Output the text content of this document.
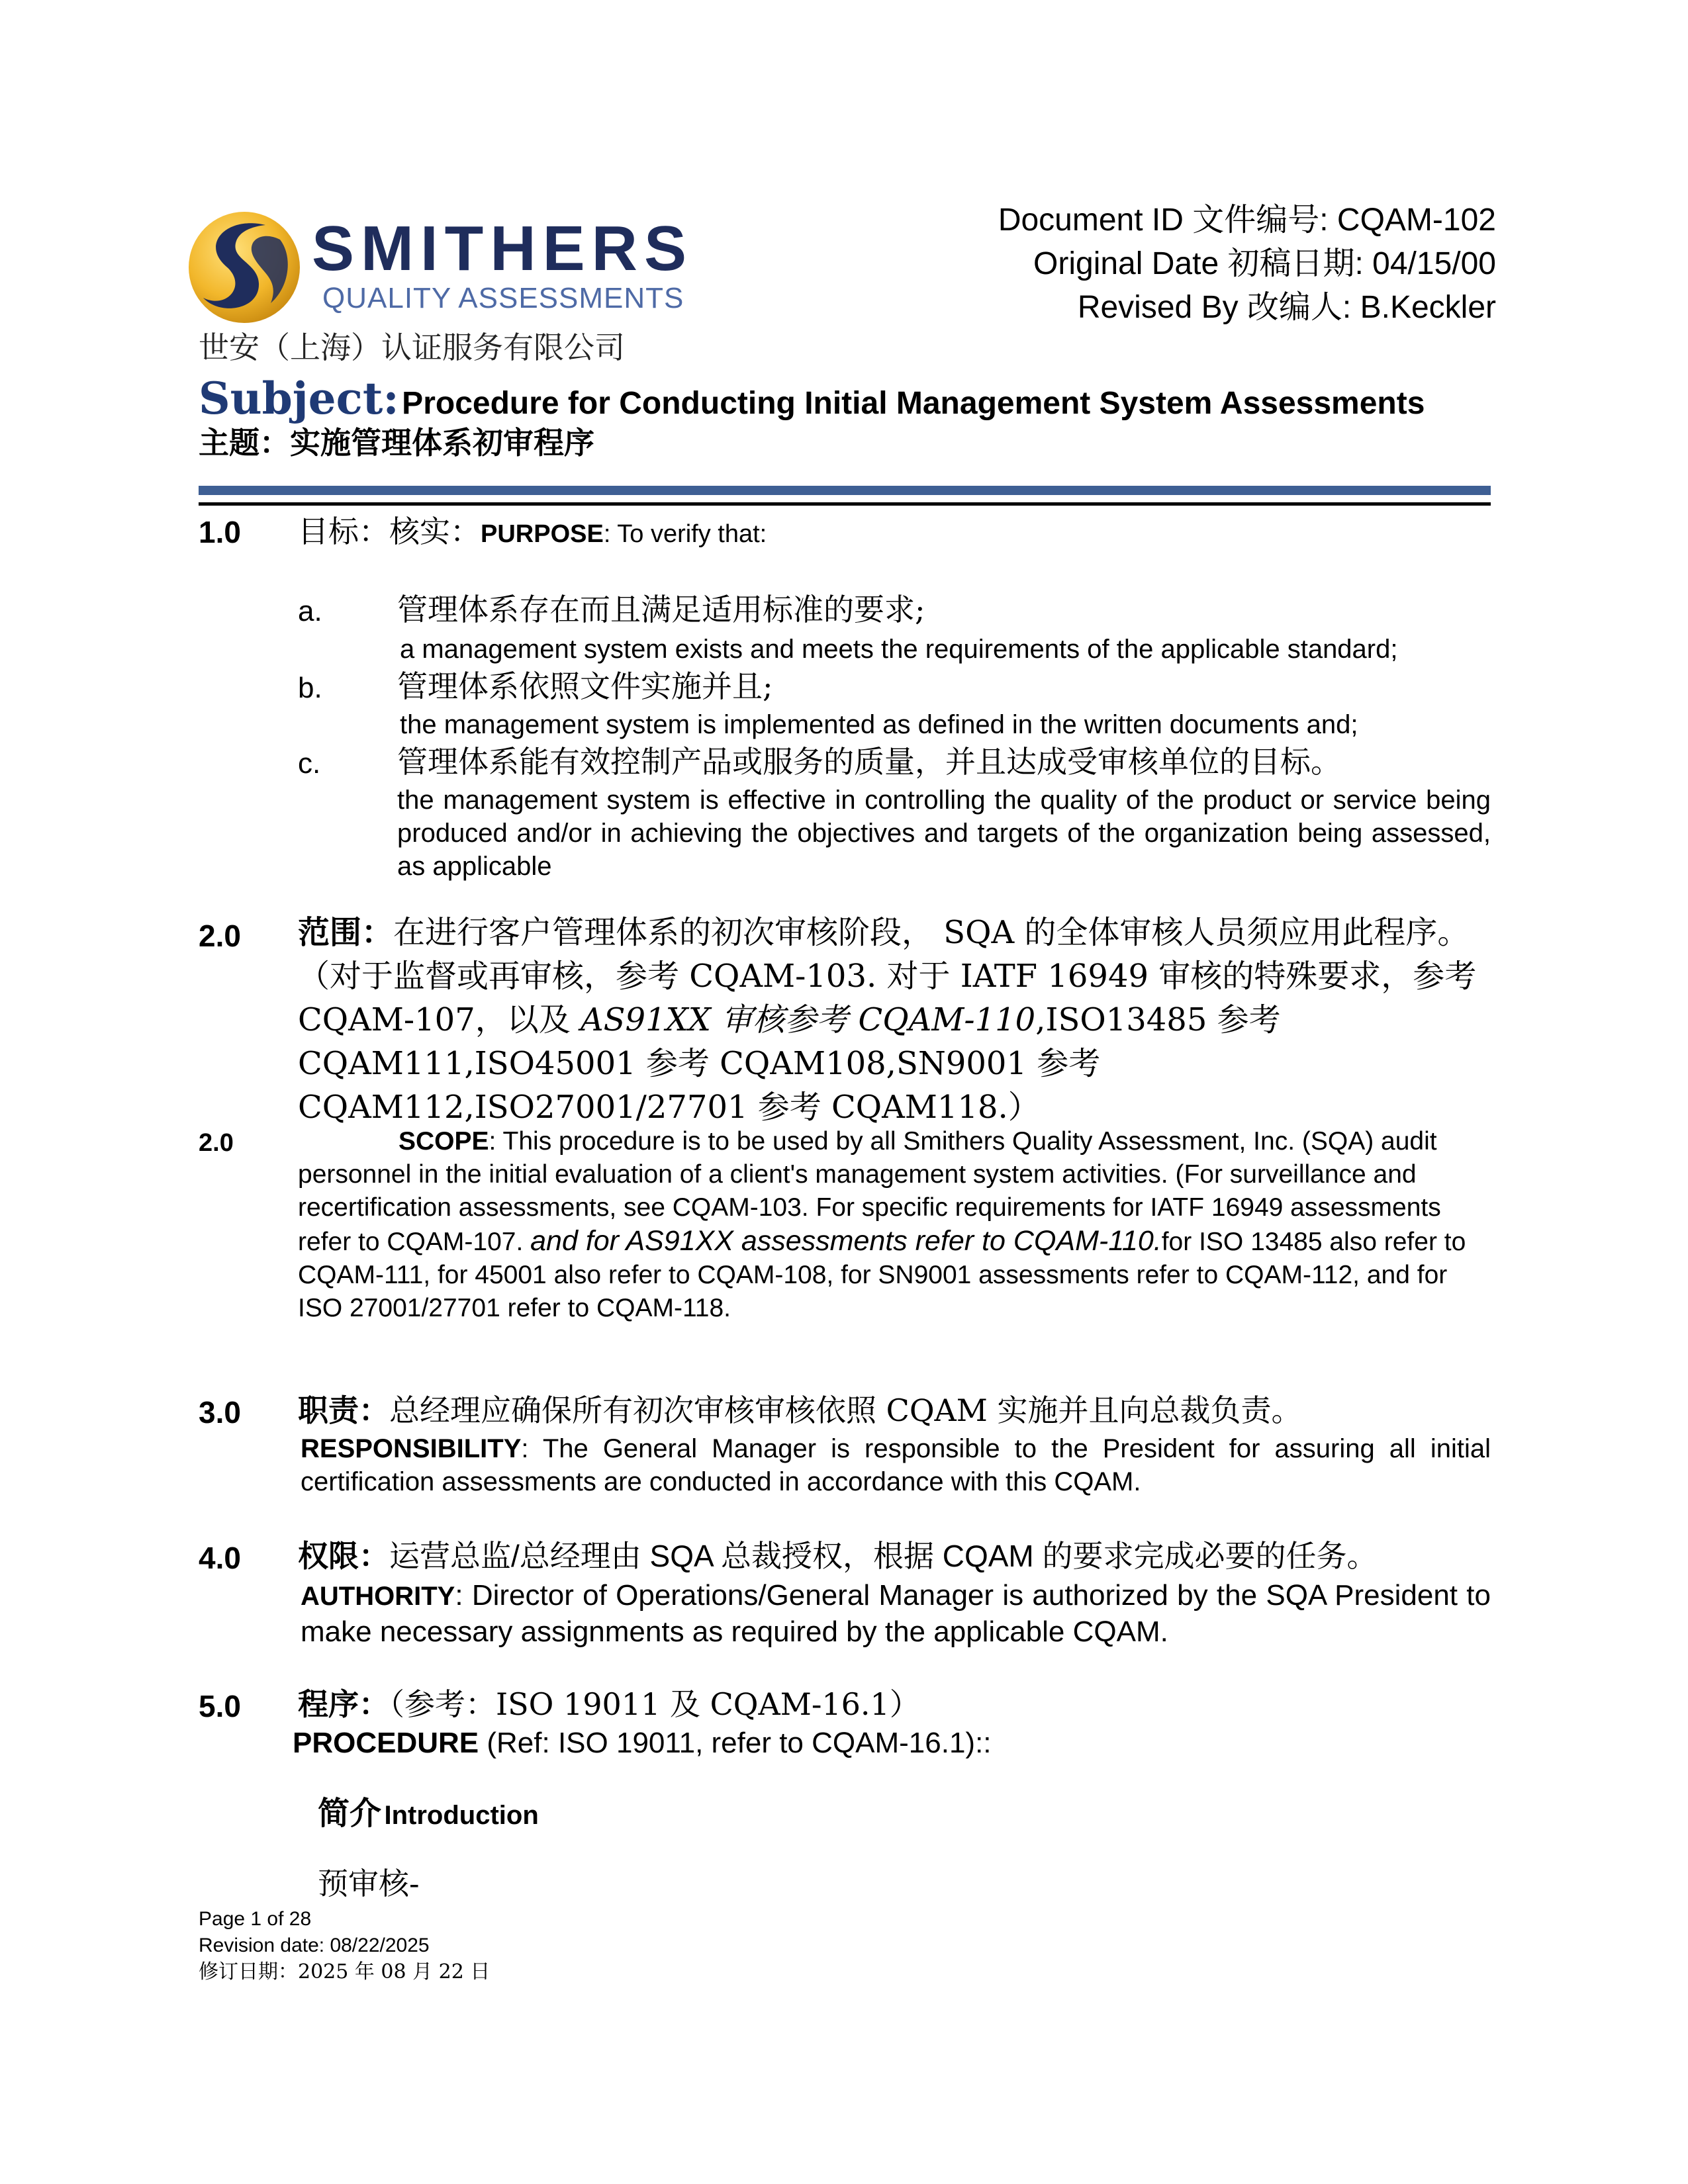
SMITHERS
QUALITY ASSESSMENTS
世安（上海）认证服务有限公司
Document ID 文件编号: CQAM-102
Original Date 初稿日期: 04/15/00
Revised By 改编人: B.Keckler
Subject: Procedure for Conducting Initial Management System Assessments
主题：实施管理体系初审程序
1.0 目标：核实：PURPOSE: To verify that:
a. 管理体系存在而且满足适用标准的要求;
a management system exists and meets the requirements of the applicable standard;
b. 管理体系依照文件实施并且;
the management system is implemented as defined in the written documents and;
c.	管理体系能有效控制产品或服务的质量，并且达成受审核单位的目标。
the management system is effective in controlling the quality of the product or service being produced and/or in achieving the objectives and targets of the organization being assessed, as applicable
2.0 范围：在进行客户管理体系的初次审核阶段， SQA 的全体审核人员须应用此程序。（对于监督或再审核，参考 CQAM-103. 对于 IATF 16949 审核的特殊要求，参考 CQAM-107，以及 AS91XX 审核参考 CQAM-110,ISO13485 参考 CQAM111,ISO45001 参考 CQAM108,SN9001 参考 CQAM112,ISO27001/27701 参考 CQAM118.）
2.0	SCOPE: This procedure is to be used by all Smithers Quality Assessment, Inc. (SQA) audit personnel in the initial evaluation of a client's management system activities. (For surveillance and recertification assessments, see CQAM-103. For specific requirements for IATF 16949 assessments refer to CQAM-107. and for AS91XX assessments refer to CQAM-110.for ISO 13485 also refer to CQAM-111, for 45001 also refer to CQAM-108, for SN9001 assessments refer to CQAM-112, and for ISO 27001/27701 refer to CQAM-118.
3.0 职责：总经理应确保所有初次审核审核依照 CQAM 实施并且向总裁负责。
RESPONSIBILITY: The General Manager is responsible to the President for assuring all initial certification assessments are conducted in accordance with this CQAM.
4.0 权限：运营总监/总经理由 SQA 总裁授权，根据 CQAM 的要求完成必要的任务。
AUTHORITY: Director of Operations/General Manager is authorized by the SQA President to make necessary assignments as required by the applicable CQAM.
5.0 程序：（参考：ISO 19011 及 CQAM-16.1）
PROCEDURE (Ref: ISO 19011, refer to CQAM-16.1)::
简介 Introduction
预审核-
Page 1 of 28
Revision date: 08/22/2025
修订日期：2025 年 08 月 22 日
